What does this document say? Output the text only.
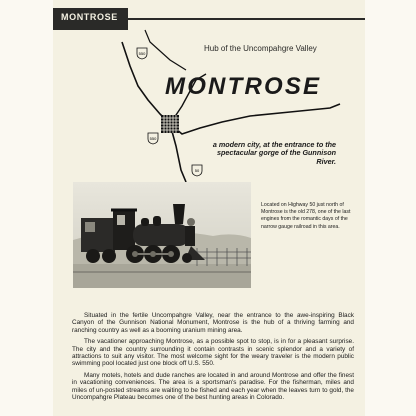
MONTROSE
550
550
50
Hub of the Uncompahgre Valley
MONTROSE
a modern city, at the entrance to the spectacular gorge of the Gunnison River.
Located on Highway 50 just north of Montrose is the old 278, one of the last engines from the romantic days of the narrow gauge railroad in this area.

Situated in the fertile Uncompahgre Valley, near the entrance to the awe-inspiring Black Canyon of the Gunnison National Monument, Montrose is the hub of a thriving farming and ranching country as well as a booming uranium mining area.

The vacationer approaching Montrose, as a possible spot to stop, is in for a pleasant surprise. The city and the country surrounding it contain contrasts in scenic splendor and a variety of attractions to suit any visitor. The most welcome sight for the weary traveler is the modern public swimming pool located just one block off U.S. 550.

Many motels, hotels and dude ranches are located in and around Montrose and offer the finest in vacationing conveniences. The area is a sportsman's paradise. For the fisherman, miles and miles of un-posted streams are waiting to be fished and each year when the leaves turn to gold, the Uncompahgre Plateau becomes one of the best hunting areas in Colorado.
